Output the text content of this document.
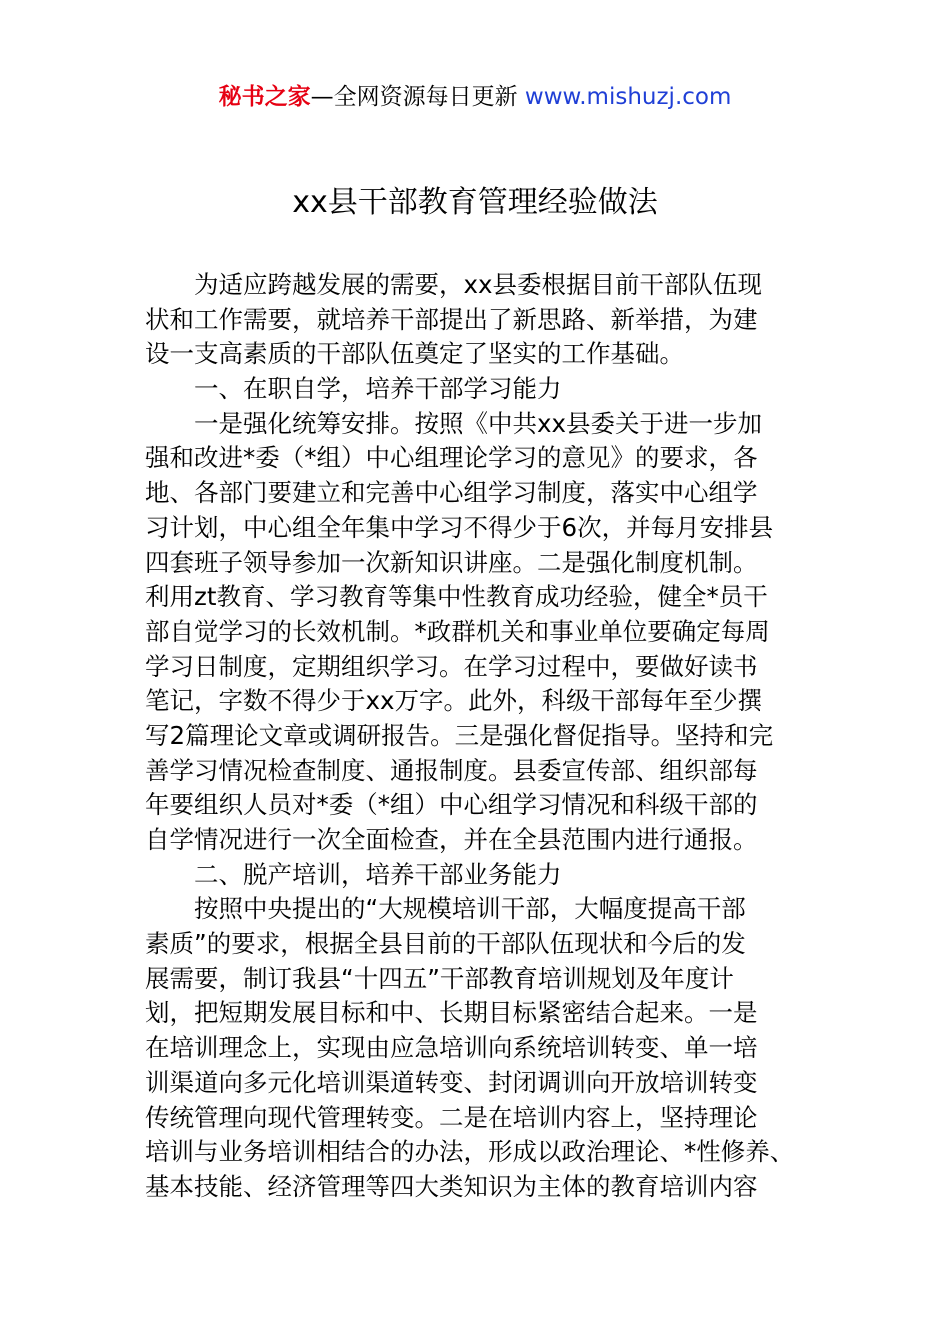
秘书之家—全网资源每日更新 www.mishuzj.com
xx县干部教育管理经验做法
　　为适应跨越发展的需要，xx县委根据目前干部队伍现
状和工作需要，就培养干部提出了新思路、新举措，为建
设一支高素质的干部队伍奠定了坚实的工作基础。
　　一、在职自学，培养干部学习能力
　　一是强化统筹安排。按照《中共xx县委关于进一步加
强和改进*委（*组）中心组理论学习的意见》的要求，各
地、各部门要建立和完善中心组学习制度，落实中心组学
习计划，中心组全年集中学习不得少于6次，并每月安排县
四套班子领导参加一次新知识讲座。二是强化制度机制。
利用zt教育、学习教育等集中性教育成功经验，健全*员干
部自觉学习的长效机制。*政群机关和事业单位要确定每周
学习日制度，定期组织学习。在学习过程中，要做好读书
笔记，字数不得少于xx万字。此外，科级干部每年至少撰
写2篇理论文章或调研报告。三是强化督促指导。坚持和完
善学习情况检查制度、通报制度。县委宣传部、组织部每
年要组织人员对*委（*组）中心组学习情况和科级干部的
自学情况进行一次全面检查，并在全县范围内进行通报。
　　二、脱产培训，培养干部业务能力
　　按照中央提出的“大规模培训干部，大幅度提高干部
素质”的要求，根据全县目前的干部队伍现状和今后的发
展需要，制订我县“十四五”干部教育培训规划及年度计
划，把短期发展目标和中、长期目标紧密结合起来。一是
在培训理念上，实现由应急培训向系统培训转变、单一培
训渠道向多元化培训渠道转变、封闭调训向开放培训转变
传统管理向现代管理转变。二是在培训内容上，坚持理论
培训与业务培训相结合的办法，形成以政治理论、*性修养、
基本技能、经济管理等四大类知识为主体的教育培训内容
